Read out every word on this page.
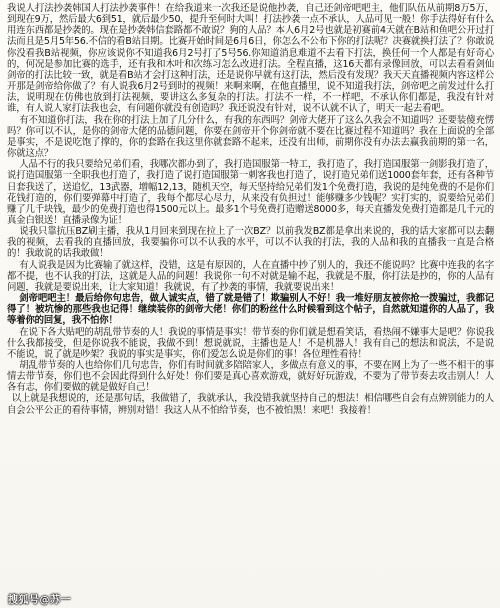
我说人打法抄袭韩国人打法抄袭事件！在给我道来一次我还是说他抄袭，自己还剑帝吧吧主，他们队伍从前期8万5万，到现在9万，然后最大6到51，就后最少50，提升至何时大叫！打法抄袭一点不承认，人品可见一般！你手法得好有什么用连东西都是抄袭的。现在是抄袭韩信套路都不敢说？狗的人品？本人6月2号也就是初赛前4天就在B站和鱼吧公开过打法而且是5月5年56.不信的看B站目期。比赛开始时间是6月6日，你怎么不公布下你的打法呢？决赛就换打法了？你敢说你没看我B站视频，你应该说你不知道我6月2号打了5号56.你知道消息难道不去看下打法，换任何一个人都是有好奇心的，何况是参加比赛的选手，还有我和木叶和次练习怎么改进打法。全程直播，这16天都有录像回放，可以去看看剑仙剑帝的打法比较一致，就是看B站才会打这种打法，还是说你早就有这打法，然后没有发现？我天天直播视频内容这样公开那是剑帝给你做了？有人说我6月2号到时的视频！来啊来啊，在他直播里，说不知道我打法，剑帝吧之前发过什么打法，说明现在仿佛也放到打法视频，要讲这么多复杂的打法。打法不一样，不一样吧，不承认你们都是，我没有针对谁，有人说人家打法我也会，有问题你就没有创造吗？我还说没有针对，说不认就不认了，明天一起去看吧。

有不知道你打法，我在你的打法上加了几分什么，有我的东西吗？剑帝大佬开了这么久我会不知道吗？还要装傻充愣吗？你可以不认，是你的剑帝大佬的品德问题，你要在剑帝开个你剑帝就不要在比赛过程不知道吗？我在上面说的全部是事实，不是说吃饱了撑的，你的套路在我这里你就套路不起来，还没有出师，前期你没有办法去赢我前期的第一名，你就这点？

人品不行的我只要给兄弟们看，我哪次都办到了，我打造国服第一特工，我打造了，我打造国服第一剑影我打造了，说打造国服第一全职我也打造了，我打造了说打造国服第一刺客我也打造了，说打造兄弟们送1000套年套，还有各种节日套我送了，送追忆，13武器，增幅12,13，随机天空，每天坚持给兄弟们发1个免费打造，我说的是纯免费的不是你们花钱打造的，你们要弹幕中打造了，我每个都尽心尽力，从来没有负担过！能够赚多少钱呢？实打实的，说要给兄弟们赚了几千块钱，最少的免费打造也得1500元以上。最多1个号免费打造赠送8000多，每天直播发免费打造都是几千元的真金白银送！直播录像为证！

说我只靠抗压BZ刷主播，我从1月回来到现在拉上了一次BZ？以前我发BZ都是拿出来说的，我的话大家都可以去翻我的视频，去看我的直播回放，我要骗你可以不认我的水平，可以不认我的打法，我的人品和我的直播我一直是合格的！我敢说的话我敢做！

有人说我是因为比赛输了就这样，没错，这是有原因的，人在直播中抄了别人的，我还不能说吗？比赛中连我的名字都不提，也不认我的打法，这就是人品的问题！我说你一句不对就是输不起，我就是不服，你打法是抄的，你的人品有问题，我就是要说出来，让大家知道！我就说，有了抄袭的事情，我就要说出来！

剑帝吧吧主！最后给你句忠告，做人诚实点，错了就是错了！欺骗别人不好！我一堆好朋友被你抢一拨骗过，我都记得了！被坑惨的那些我也记得！继续装你的剑帝大佬！你们的粉丝什么时候看到这个帖子，自然就知道你的人品了，我等着你的回复，我不怕你！

在说下各大贴吧的胡乱带节奏的人！我说的事情是事实！带节奏的你们就是想看笑话，看热闹不嫌事大是吧？你说我什么我都接受，但是你说我不能说，我做不到！想说就说，主播也是人！不是机器人！我有自己的想法和说法，不是说不能说，说了就是吵架？我说的事实是事实，你们爱怎么说是你们的事！各位理性看待！

胡乱带节奏的人也给你们几句忠告，你们有时间就多陪陪家人，多做点有意义的事，不要在网上为了一些不相干的事情去带节奏，你们也不会因此得到什么好处！你们要是真心喜欢游戏，就好好玩游戏，不要为了带节奏去攻击别人！人各有志，你们要做的就是做好自己！

以上就是我想说的，还是那句话，我做错了，我就承认，我没错我就坚持自己的想法！相信哪些自会有点辨别能力的人自会公平公正的看待事情，辨别对错！我这人从不怕给节奏，也不被怕黑！来吧！我接着！

搜狐号@苏一
